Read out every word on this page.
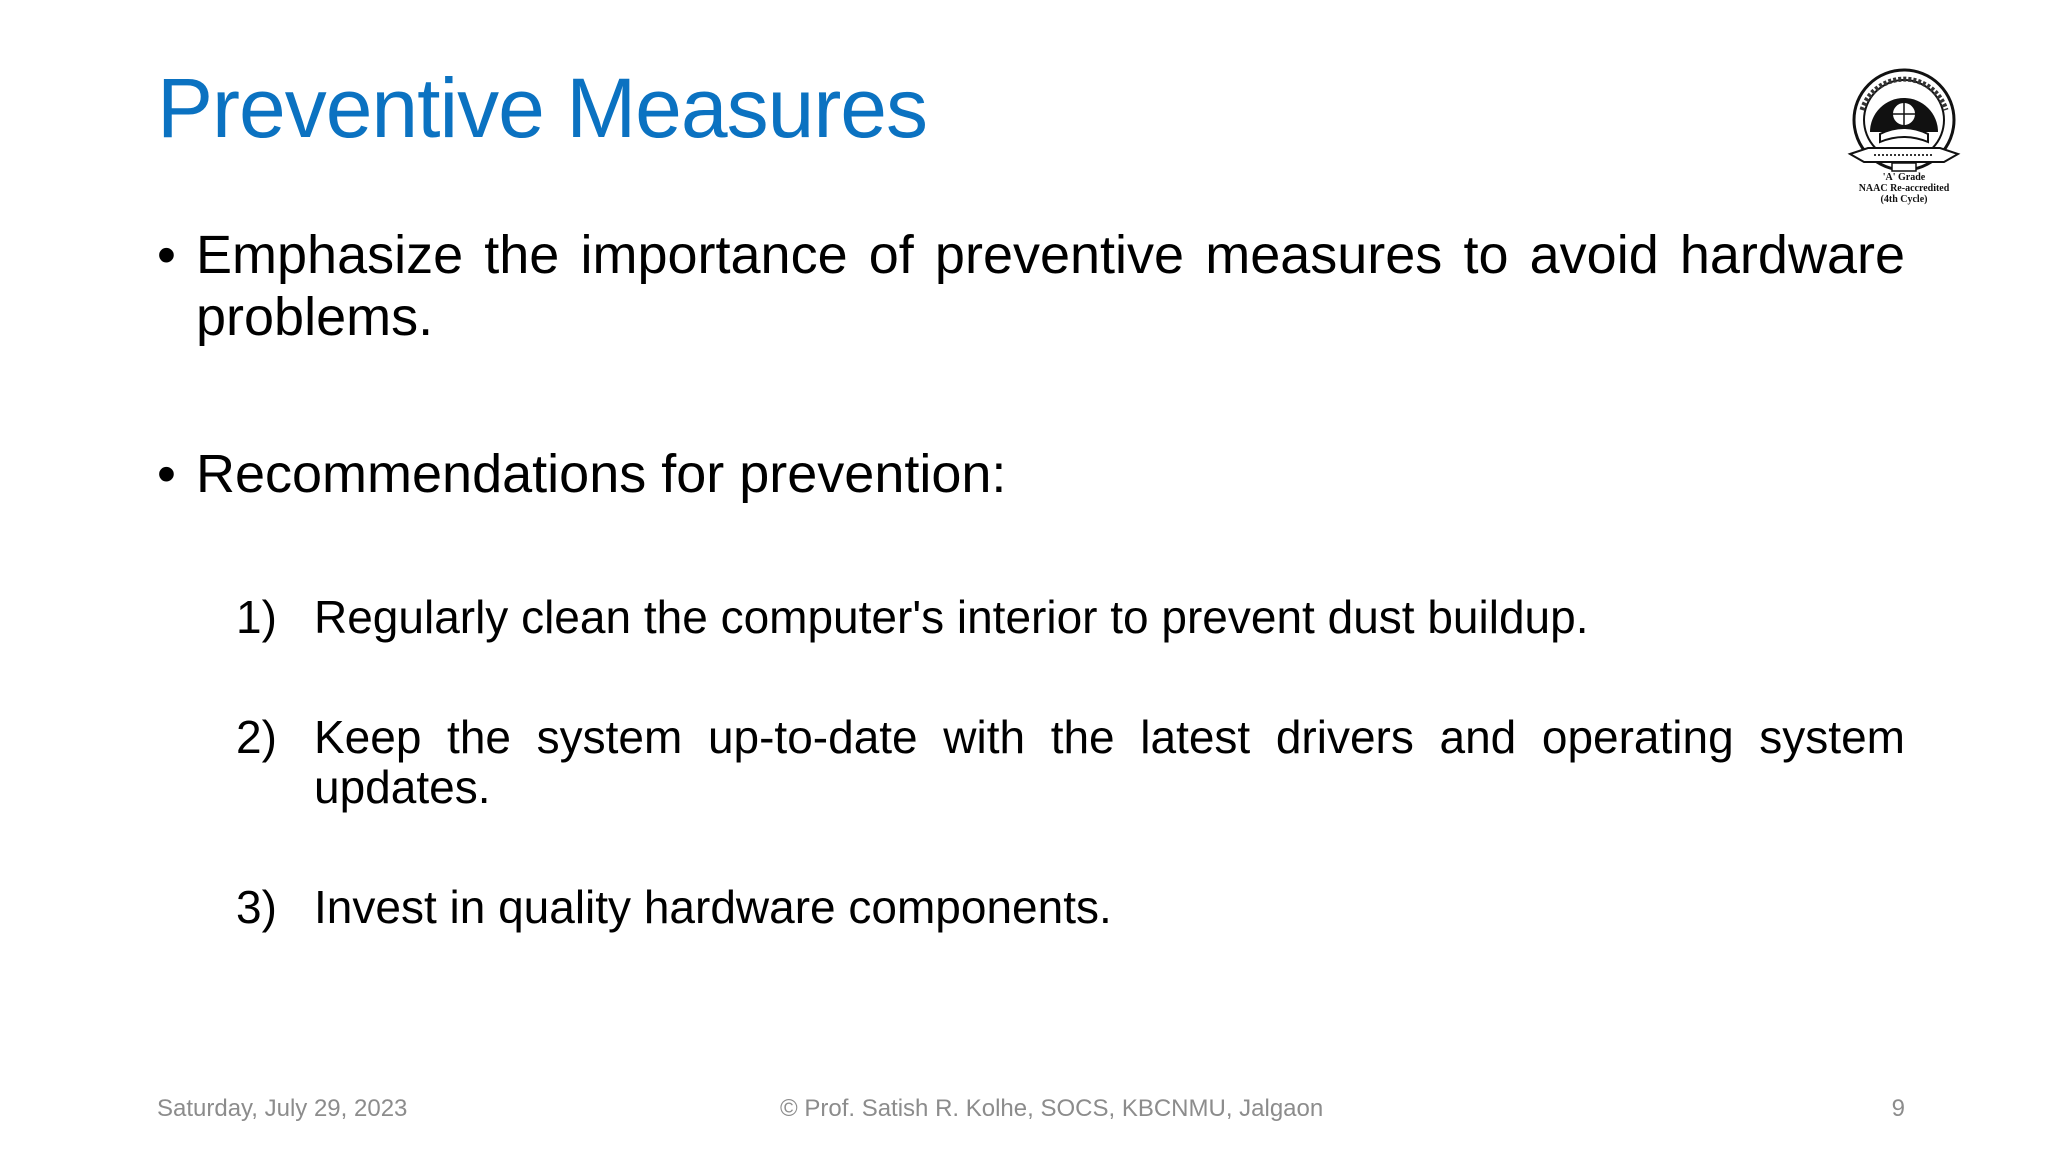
Preventive Measures
'A' Grade
NAAC Re-accredited
(4th Cycle)
• Emphasize the importance of preventive measures to avoid hardware problems.
• Recommendations for prevention:
1) Regularly clean the computer's interior to prevent dust buildup.
2) Keep the system up-to-date with the latest drivers and operating system updates.
3) Invest in quality hardware components.
Saturday, July 29, 2023	© Prof. Satish R. Kolhe, SOCS, KBCNMU, Jalgaon	9
